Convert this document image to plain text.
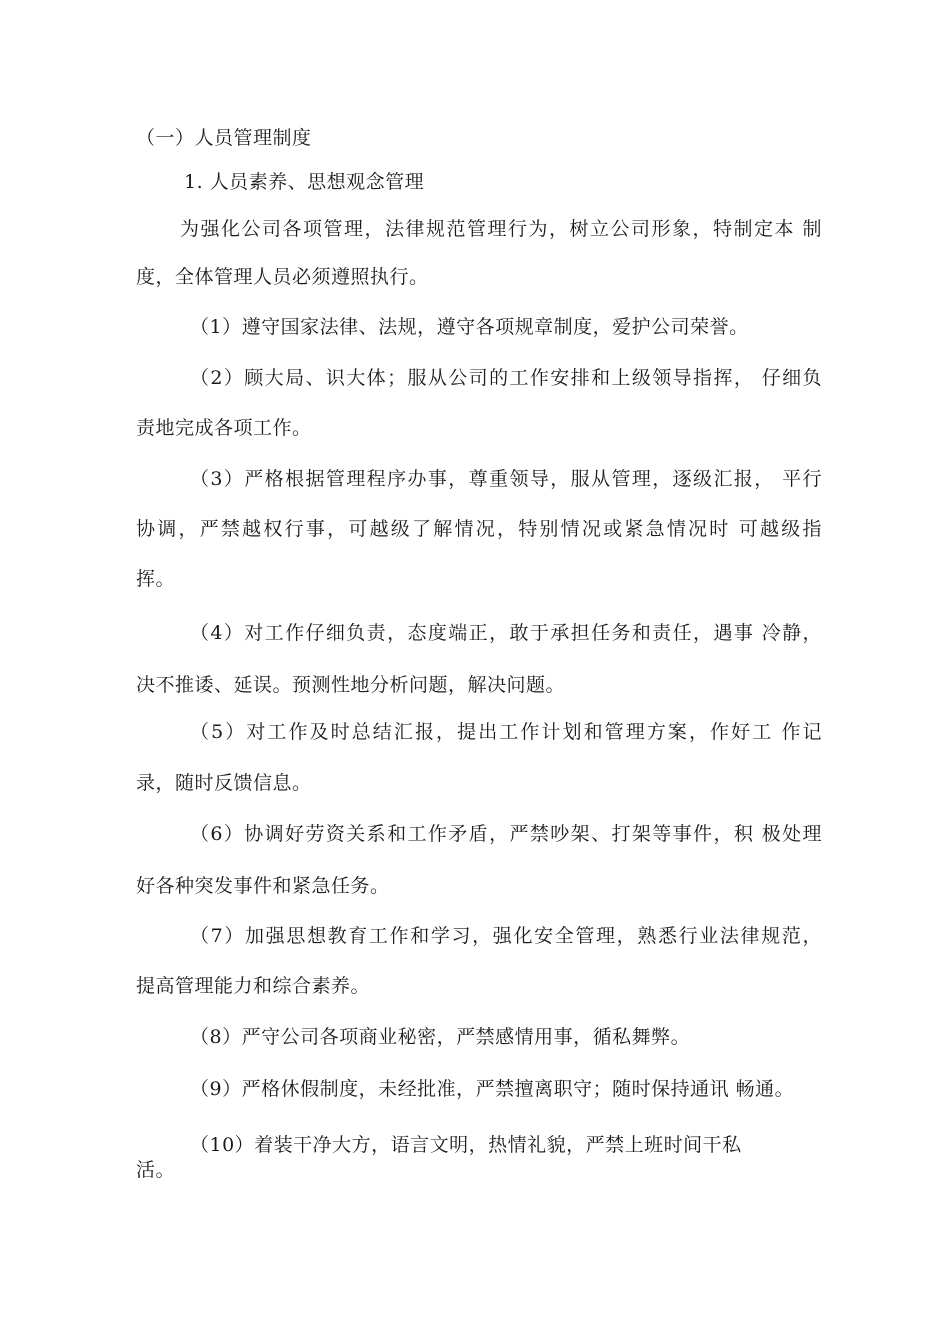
（一）人员管理制度
1. 人员素养、思想观念管理
为强化公司各项管理，法律规范管理行为，树立公司形象，特制定本 制
度，全体管理人员必须遵照执行。
（1）遵守国家法律、法规，遵守各项规章制度，爱护公司荣誉。
（2）顾大局、识大体；服从公司的工作安排和上级领导指挥， 仔细负
责地完成各项工作。
（3）严格根据管理程序办事，尊重领导，服从管理，逐级汇报， 平行
协调，严禁越权行事，可越级了解情况，特别情况或紧急情况时 可越级指
挥。
（4）对工作仔细负责，态度端正，敢于承担任务和责任，遇事 冷静，
决不推诿、延误。预测性地分析问题，解决问题。
（5）对工作及时总结汇报，提出工作计划和管理方案，作好工 作记
录，随时反馈信息。
（6）协调好劳资关系和工作矛盾，严禁吵架、打架等事件，积 极处理
好各种突发事件和紧急任务。
（7）加强思想教育工作和学习，强化安全管理，熟悉行业法律规范，
提高管理能力和综合素养。
（8）严守公司各项商业秘密，严禁感情用事，循私舞弊。
（9）严格休假制度，未经批准，严禁擅离职守；随时保持通讯 畅通。
（10）着装干净大方，语言文明，热情礼貌，严禁上班时间干私
活。
